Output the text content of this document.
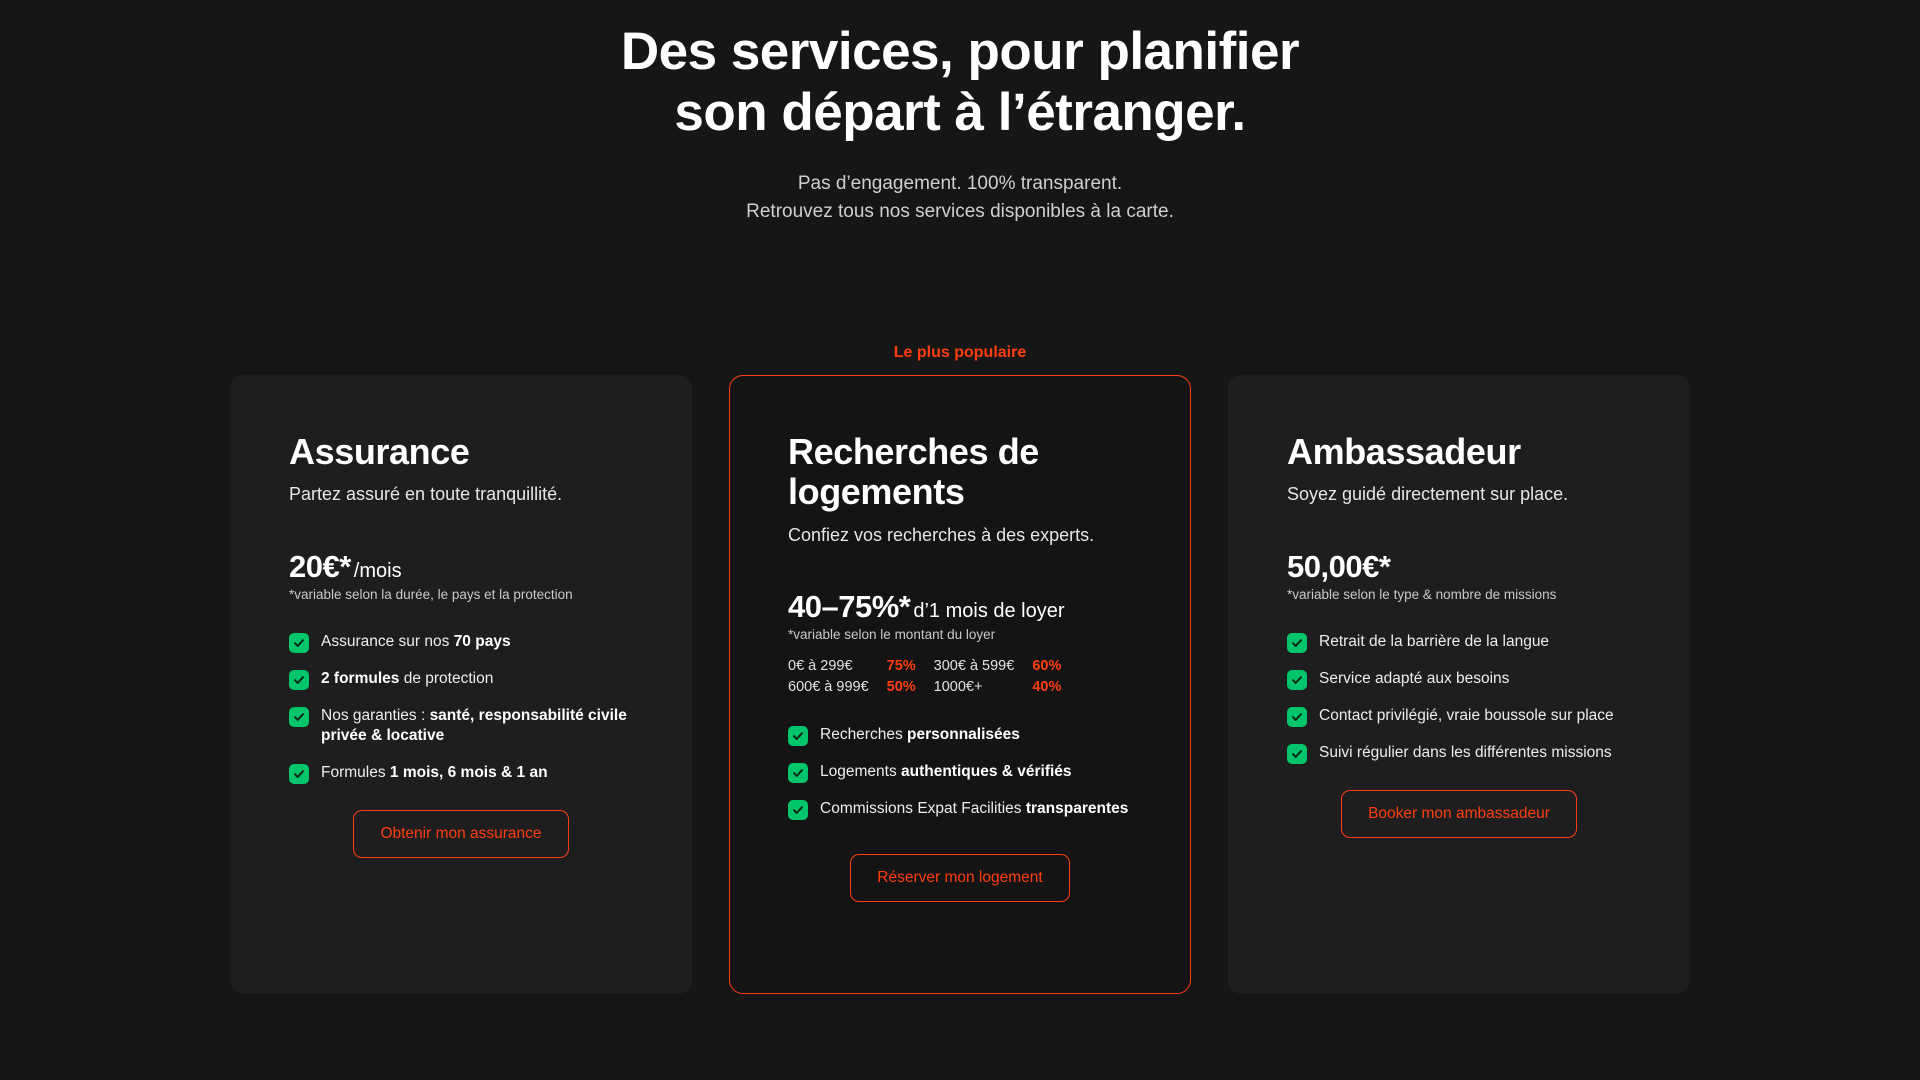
Des services, pour planifier
son départ à l’étranger.
Pas d’engagement. 100% transparent.
Retrouvez tous nos services disponibles à la carte.
Assurance
Partez assuré en toute tranquillité.
20€* /mois
*variable selon la durée, le pays et la protection
Assurance sur nos 70 pays
2 formules de protection
Nos garanties : santé, responsabilité civile privée & locative
Formules 1 mois, 6 mois & 1 an
Obtenir mon assurance
Le plus populaire
Recherches de
logements
Confiez vos recherches à des experts.
40–75%* d’1 mois de loyer
*variable selon le montant du loyer
0€ à 299€	75% 300€ à 599€ 60%
600€ à 999€ 50% 1000€+	40%
Recherches personnalisées
Logements authentiques & vérifiés
Commissions Expat Facilities transparentes
Réserver mon logement
Ambassadeur
Soyez guidé directement sur place.
50,00€*
*variable selon le type & nombre de missions
Retrait de la barrière de la langue
Service adapté aux besoins
Contact privilégié, vraie boussole sur place
Suivi régulier dans les différentes missions
Booker mon ambassadeur
